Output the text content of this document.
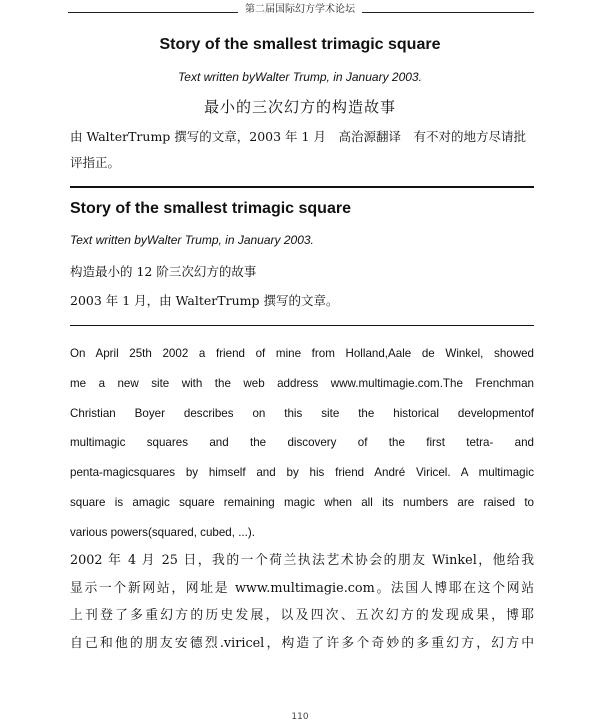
第二届国际幻方学术论坛
Story of the smallest trimagic square
Text written byWalter Trump, in January 2003.
最小的三次幻方的构造故事
由 WalterTrump 撰写的文章，2003 年 1 月　高治源翻译　有不对的地方尽请批评指正。
Story of the smallest trimagic square
Text written byWalter Trump, in January 2003.
构造最小的 12 阶三次幻方的故事
2003 年 1 月，由 WalterTrump 撰写的文章。
On April 25th 2002 a friend of mine from Holland,Aale de Winkel, showed
me a new site with the web address www.multimagie.com.The Frenchman
Christian Boyer describes on this site the historical developmentof
multimagic squares and the discovery of the first tetra- and
penta-magicsquares by himself and by his friend André Viricel. A multimagic
square is amagic square remaining magic when all its numbers are raised to
various powers(squared, cubed, ...).
2002 年 4 月 25 日，我的一个荷兰执法艺术协会的朋友 Winkel，他给我
显示一个新网站，网址是 www.multimagie.com。法国人博耶在这个网站
上刊登了多重幻方的历史发展，以及四次、五次幻方的发现成果，博耶
自己和他的朋友安德烈.viricel，构造了许多个奇妙的多重幻方，幻方中
110
